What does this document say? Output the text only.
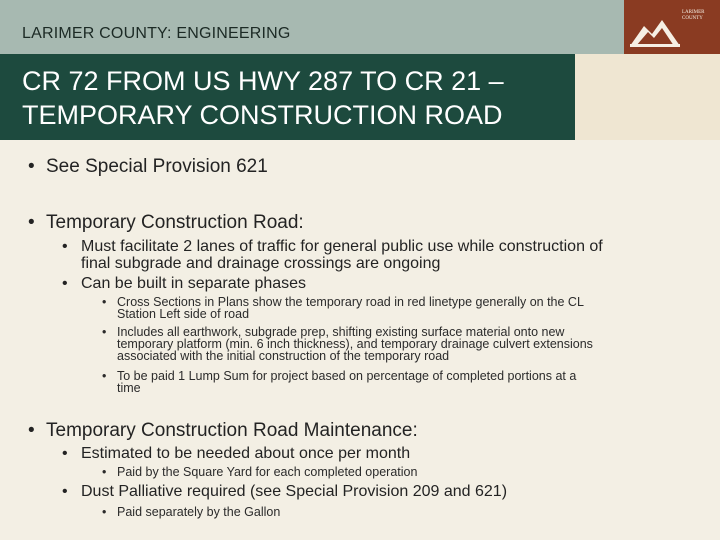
LARIMER COUNTY: ENGINEERING
LARIMER COUNTY
CR 72 FROM US HWY 287 TO CR 21 –
TEMPORARY CONSTRUCTION ROAD
• See Special Provision 621
• Temporary Construction Road:
• Must facilitate 2 lanes of traffic for general public use while construction of
final subgrade and drainage crossings are ongoing
• Can be built in separate phases
• Cross Sections in Plans show the temporary road in red linetype generally on the CL
Station Left side of road
• Includes all earthwork, subgrade prep, shifting existing surface material onto new
temporary platform (min. 6 inch thickness), and temporary drainage culvert extensions
associated with the initial construction of the temporary road
• To be paid 1 Lump Sum for project based on percentage of completed portions at a
time
• Temporary Construction Road Maintenance:
• Estimated to be needed about once per month
• Paid by the Square Yard for each completed operation
• Dust Palliative required (see Special Provision 209 and 621)
• Paid separately by the Gallon
